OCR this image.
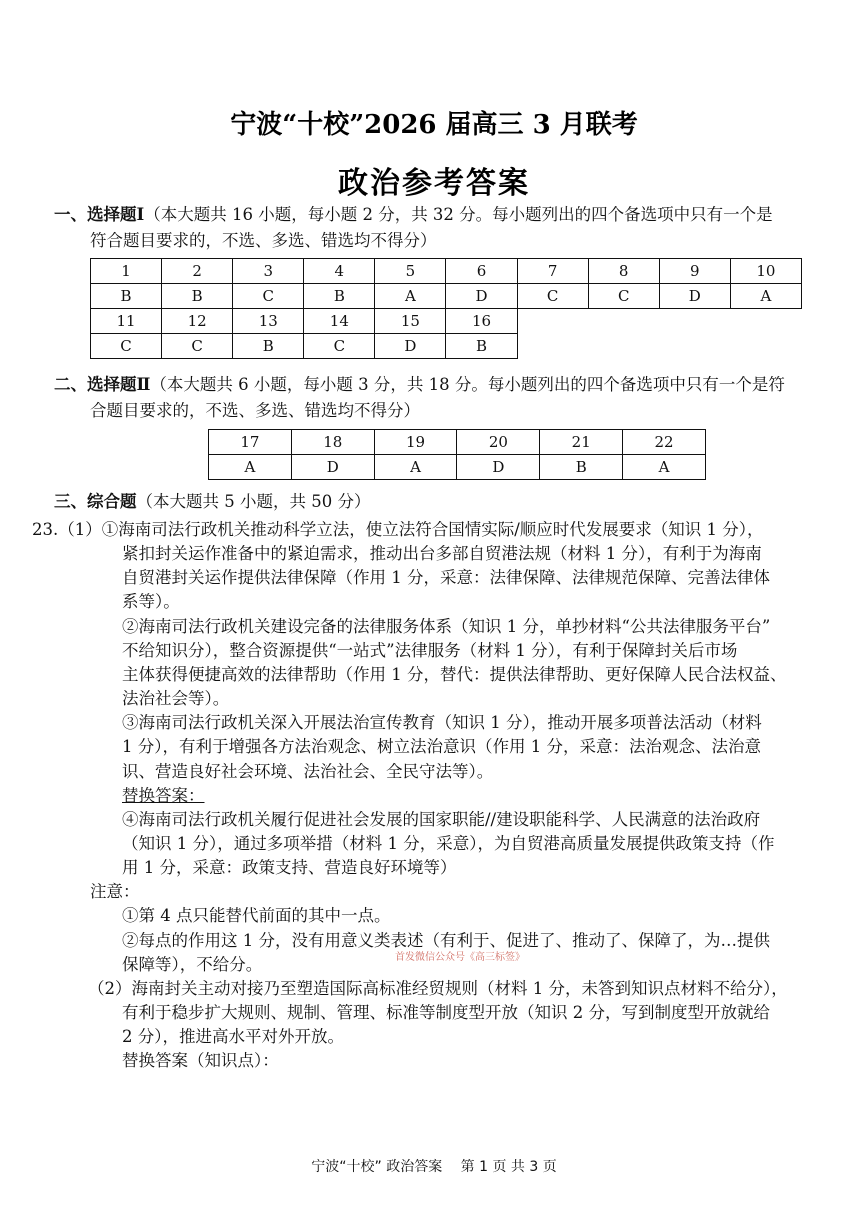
宁波“十校”2026 届高三 3 月联考
政治参考答案
一、选择题Ⅰ（本大题共 16 小题，每小题 2 分，共 32 分。每小题列出的四个备选项中只有一个是
符合题目要求的，不选、多选、错选均不得分）
1	2	3	4	5	6	7	8	9	10
B	B	C	B	A	D	C	C	D	A
11	12	13	14	15	16				
C	C	B	C	D	B				
二、选择题Ⅱ（本大题共 6 小题，每小题 3 分，共 18 分。每小题列出的四个备选项中只有一个是符
合题目要求的，不选、多选、错选均不得分）
17	18	19	20	21	22
A	D	A	D	B	A
三、综合题（本大题共 5 小题，共 50 分）
23.（1）①海南司法行政机关推动科学立法，使立法符合国情实际/顺应时代发展要求（知识 1 分），
紧扣封关运作准备中的紧迫需求，推动出台多部自贸港法规（材料 1 分），有利于为海南
自贸港封关运作提供法律保障（作用 1 分，采意：法律保障、法律规范保障、完善法律体
系等）。
②海南司法行政机关建设完备的法律服务体系（知识 1 分，单抄材料“公共法律服务平台”
不给知识分），整合资源提供“一站式”法律服务（材料 1 分），有利于保障封关后市场
主体获得便捷高效的法律帮助（作用 1 分，替代：提供法律帮助、更好保障人民合法权益、
法治社会等）。
③海南司法行政机关深入开展法治宣传教育（知识 1 分），推动开展多项普法活动（材料
1 分），有利于增强各方法治观念、树立法治意识（作用 1 分，采意：法治观念、法治意
识、营造良好社会环境、法治社会、全民守法等）。
替换答案：
④海南司法行政机关履行促进社会发展的国家职能//建设职能科学、人民满意的法治政府
（知识 1 分），通过多项举措（材料 1 分，采意），为自贸港高质量发展提供政策支持（作
用 1 分，采意：政策支持、营造良好环境等）
注意：
①第 4 点只能替代前面的其中一点。
②每点的作用这 1 分，没有用意义类表述（有利于、促进了、推动了、保障了，为…提供
保障等），不给分。
（2）海南封关主动对接乃至塑造国际高标准经贸规则（材料 1 分，未答到知识点材料不给分），
有利于稳步扩大规则、规制、管理、标准等制度型开放（知识 2 分，写到制度型开放就给
2 分），推进高水平对外开放。
替换答案（知识点）：
首发微信公众号《高三标签》
宁波“十校” 政治答案　 第 1 页 共 3 页
